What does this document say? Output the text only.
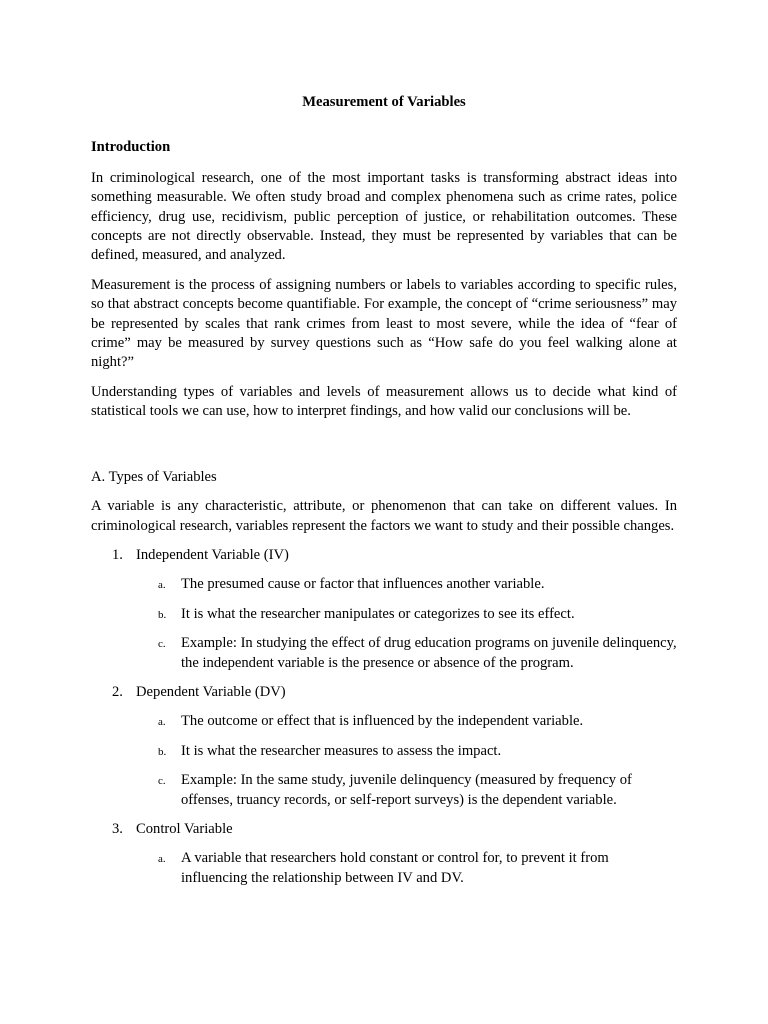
Measurement of Variables
Introduction

In criminological research, one of the most important tasks is transforming abstract ideas into something measurable. We often study broad and complex phenomena such as crime rates, police efficiency, drug use, recidivism, public perception of justice, or rehabilitation outcomes. These concepts are not directly observable. Instead, they must be represented by variables that can be defined, measured, and analyzed.

Measurement is the process of assigning numbers or labels to variables according to specific rules, so that abstract concepts become quantifiable. For example, the concept of “crime seriousness” may be represented by scales that rank crimes from least to most severe, while the idea of “fear of crime” may be measured by survey questions such as “How safe do you feel walking alone at night?”

Understanding types of variables and levels of measurement allows us to decide what kind of statistical tools we can use, how to interpret findings, and how valid our conclusions will be.

A. Types of Variables

A variable is any characteristic, attribute, or phenomenon that can take on different values. In criminological research, variables represent the factors we want to study and their possible changes.

1. Independent Variable (IV)
a. The presumed cause or factor that influences another variable.
b. It is what the researcher manipulates or categorizes to see its effect.
c. Example: In studying the effect of drug education programs on juvenile delinquency, the independent variable is the presence or absence of the program.
2. Dependent Variable (DV)
a. The outcome or effect that is influenced by the independent variable.
b. It is what the researcher measures to assess the impact.
c. Example: In the same study, juvenile delinquency (measured by frequency of offenses, truancy records, or self-report surveys) is the dependent variable.
3. Control Variable
a. A variable that researchers hold constant or control for, to prevent it from influencing the relationship between IV and DV.
